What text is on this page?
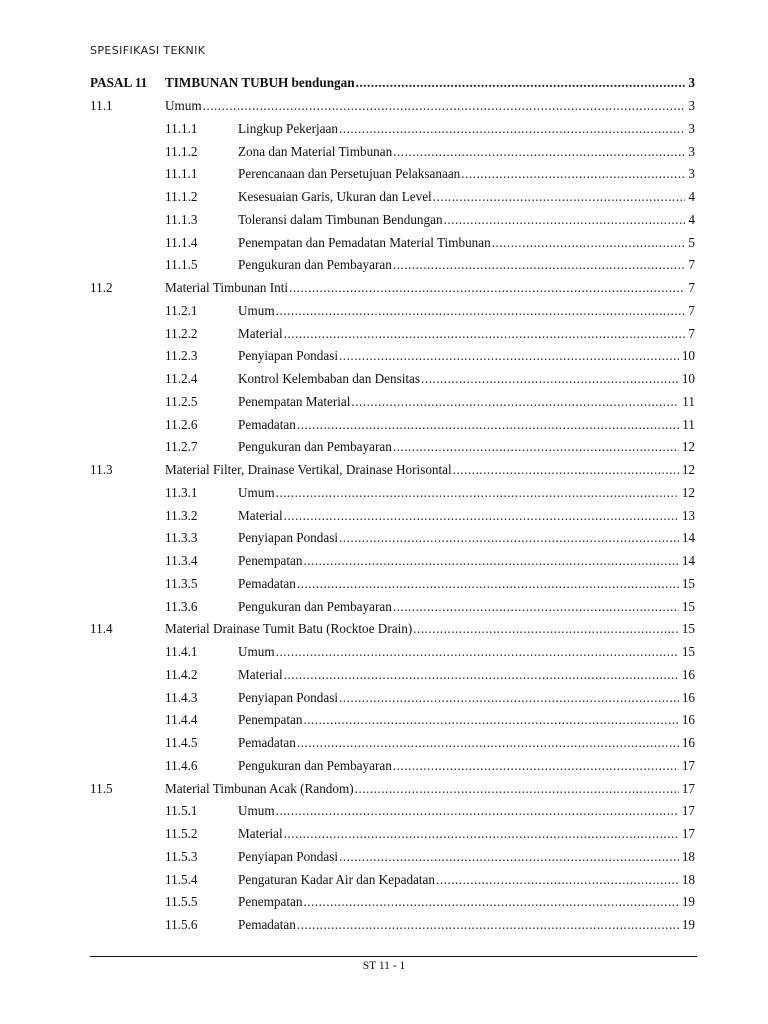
SPESIFIKASI TEKNIK
PASAL 11 TIMBUNAN TUBUH bendungan .....	3
11.1	Umum .....	3
11.1.1	Lingkup Pekerjaan .....	3
11.1.2	Zona dan Material Timbunan .....	3
11.1.1	Perencanaan dan Persetujuan Pelaksanaan .....	3
11.1.2	Kesesuaian Garis, Ukuran dan Level .....	4
11.1.3	Toleransi dalam Timbunan Bendungan .....	4
11.1.4	Penempatan dan Pemadatan Material Timbunan .....	5
11.1.5	Pengukuran dan Pembayaran .....	7
11.2	Material Timbunan Inti .....	7
11.2.1	Umum .....	7
11.2.2	Material .....	7
11.2.3	Penyiapan Pondasi .....	10
11.2.4	Kontrol Kelembaban dan Densitas .....	10
11.2.5	Penempatan Material .....	11
11.2.6	Pemadatan .....	11
11.2.7	Pengukuran dan Pembayaran .....	12
11.3	Material Filter, Drainase Vertikal, Drainase Horisontal .....	12
11.3.1	Umum .....	12
11.3.2	Material .....	13
11.3.3	Penyiapan Pondasi .....	14
11.3.4	Penempatan .....	14
11.3.5	Pemadatan .....	15
11.3.6	Pengukuran dan Pembayaran .....	15
11.4	Material Drainase Tumit Batu (Rocktoe Drain) .....	15
11.4.1	Umum .....	15
11.4.2	Material .....	16
11.4.3	Penyiapan Pondasi .....	16
11.4.4	Penempatan .....	16
11.4.5	Pemadatan .....	16
11.4.6	Pengukuran dan Pembayaran .....	17
11.5	Material Timbunan Acak (Random) .....	17
11.5.1	Umum .....	17
11.5.2	Material .....	17
11.5.3	Penyiapan Pondasi .....	18
11.5.4	Pengaturan Kadar Air dan Kepadatan .....	18
11.5.5	Penempatan .....	19
11.5.6	Pemadatan .....	19
ST 11 - 1
